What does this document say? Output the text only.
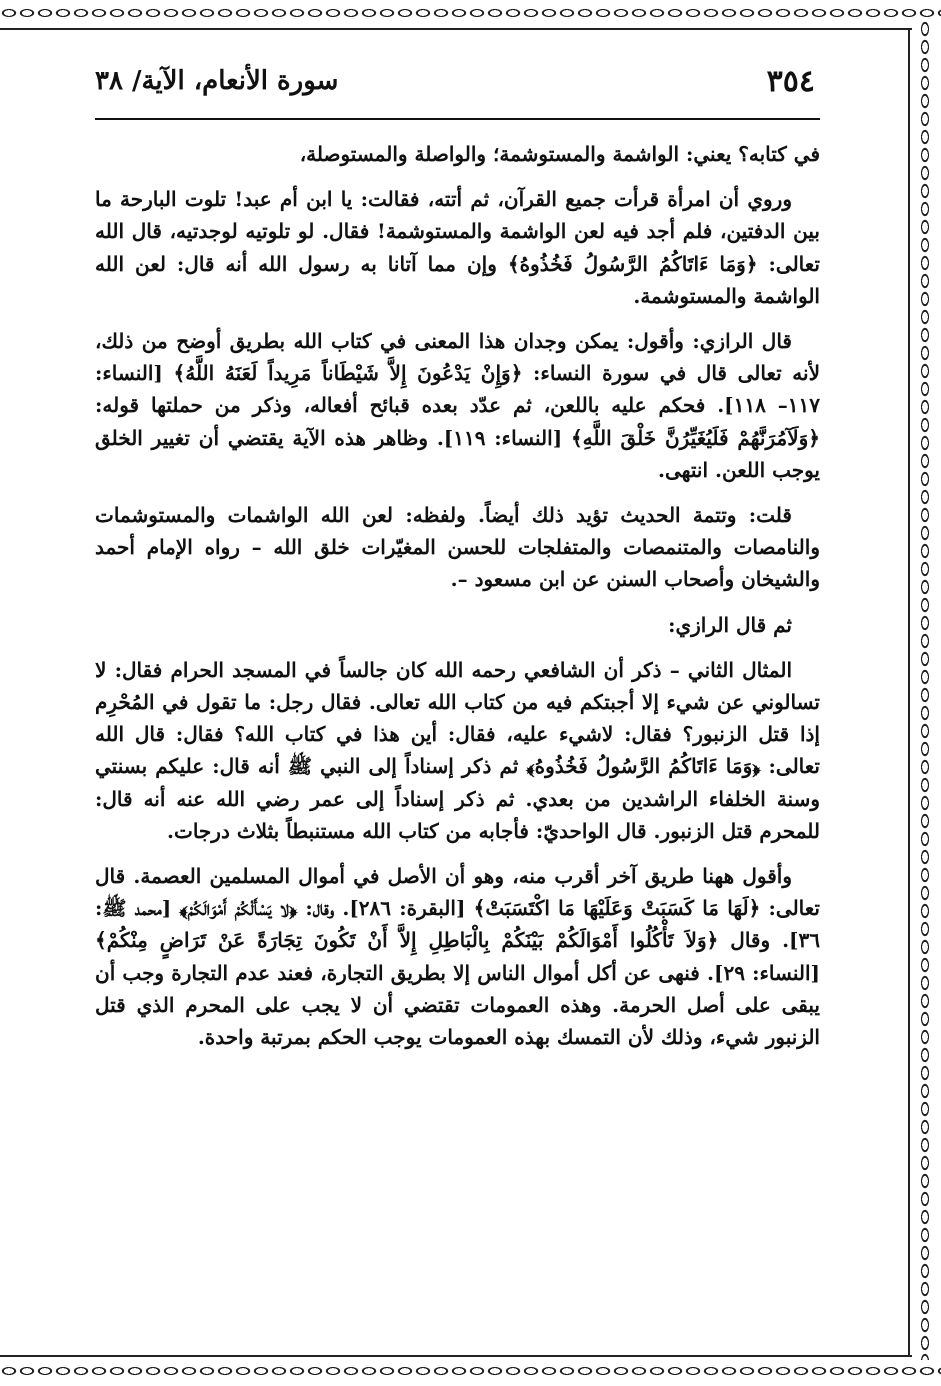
٣٥٤
سورة الأنعام، الآية/ ٣٨

في كتابه؟ يعني: الواشمة والمستوشمة؛ والواصلة والمستوصلة،

وروي أن امرأة قرأت جميع القرآن، ثم أتته، فقالت: يا ابن أم عبد! تلوت البارحة ما بين الدفتين، فلم أجد فيه لعن الواشمة والمستوشمة! فقال. لو تلوتيه لوجدتيه، قال الله تعالى: ﴿وَمَا ءَاتَاكُمُ الرَّسُولُ فَخُذُوهُ﴾ وإن مما آتانا به رسول الله أنه قال: لعن الله الواشمة والمستوشمة.

قال الرازي: وأقول: يمكن وجدان هذا المعنى في كتاب الله بطريق أوضح من ذلك، لأنه تعالى قال في سورة النساء: ﴿وَإِنْ يَدْعُونَ إِلاَّ شَيْطَاناً مَرِيداً لَعَنَهُ اللَّهُ﴾ [النساء: ١١٧– ١١٨]. فحكم عليه باللعن، ثم عدّد بعده قبائح أفعاله، وذكر من حملتها قوله: ﴿وَلَآمُرَنَّهُمْ فَلَيُغَيِّرُنَّ خَلْقَ اللَّهِ﴾ [النساء: ١١٩]. وظاهر هذه الآية يقتضي أن تغيير الخلق يوجب اللعن. انتهى.

قلت: وتتمة الحديث تؤيد ذلك أيضاً. ولفظه: لعن الله الواشمات والمستوشمات والنامصات والمتنمصات والمتفلجات للحسن المغيّرات خلق الله – رواه الإمام أحمد والشيخان وأصحاب السنن عن ابن مسعود –.

ثم قال الرازي:

المثال الثاني – ذكر أن الشافعي رحمه الله كان جالساً في المسجد الحرام فقال: لا تسالوني عن شيء إلا أجبتكم فيه من كتاب الله تعالى. فقال رجل: ما تقول في المُحْرِم إذا قتل الزنبور؟ فقال: لاشيء عليه، فقال: أين هذا في كتاب الله؟ فقال: قال الله تعالى: ﴿وَمَا ءَاتَاكُمُ الرَّسُولُ فَخُذُوهُ﴾ ثم ذكر إسناداً إلى النبي ﷺ أنه قال: عليكم بسنتي وسنة الخلفاء الراشدين من بعدي. ثم ذكر إسناداً إلى عمر رضي الله عنه أنه قال: للمحرم قتل الزنبور. قال الواحديّ: فأجابه من كتاب الله مستنبطاً بثلاث درجات.

وأقول ههنا طريق آخر أقرب منه، وهو أن الأصل في أموال المسلمين العصمة. قال تعالى: ﴿لَهَا مَا كَسَبَتْ وَعَلَيْهَا مَا اكْتَسَبَتْ﴾ [البقرة: ٢٨٦]. وقال: ﴿لا يَسْأَلْكُمْ أَمْوَالَكُمْ﴾ [محمد ﷺ: ٣٦]. وقال ﴿وَلاَ تَأْكُلُوا أَمْوَالَكُمْ بَيْنَكُمْ بِالْبَاطِلِ إِلاَّ أَنْ تَكُونَ تِجَارَةً عَنْ تَرَاضٍ مِنْكُمْ﴾ [النساء: ٢٩]. فنهى عن أكل أموال الناس إلا بطريق التجارة، فعند عدم التجارة وجب أن يبقى على أصل الحرمة. وهذه العمومات تقتضي أن لا يجب على المحرم الذي قتل الزنبور شيء، وذلك لأن التمسك بهذه العمومات يوجب الحكم بمرتبة واحدة.
